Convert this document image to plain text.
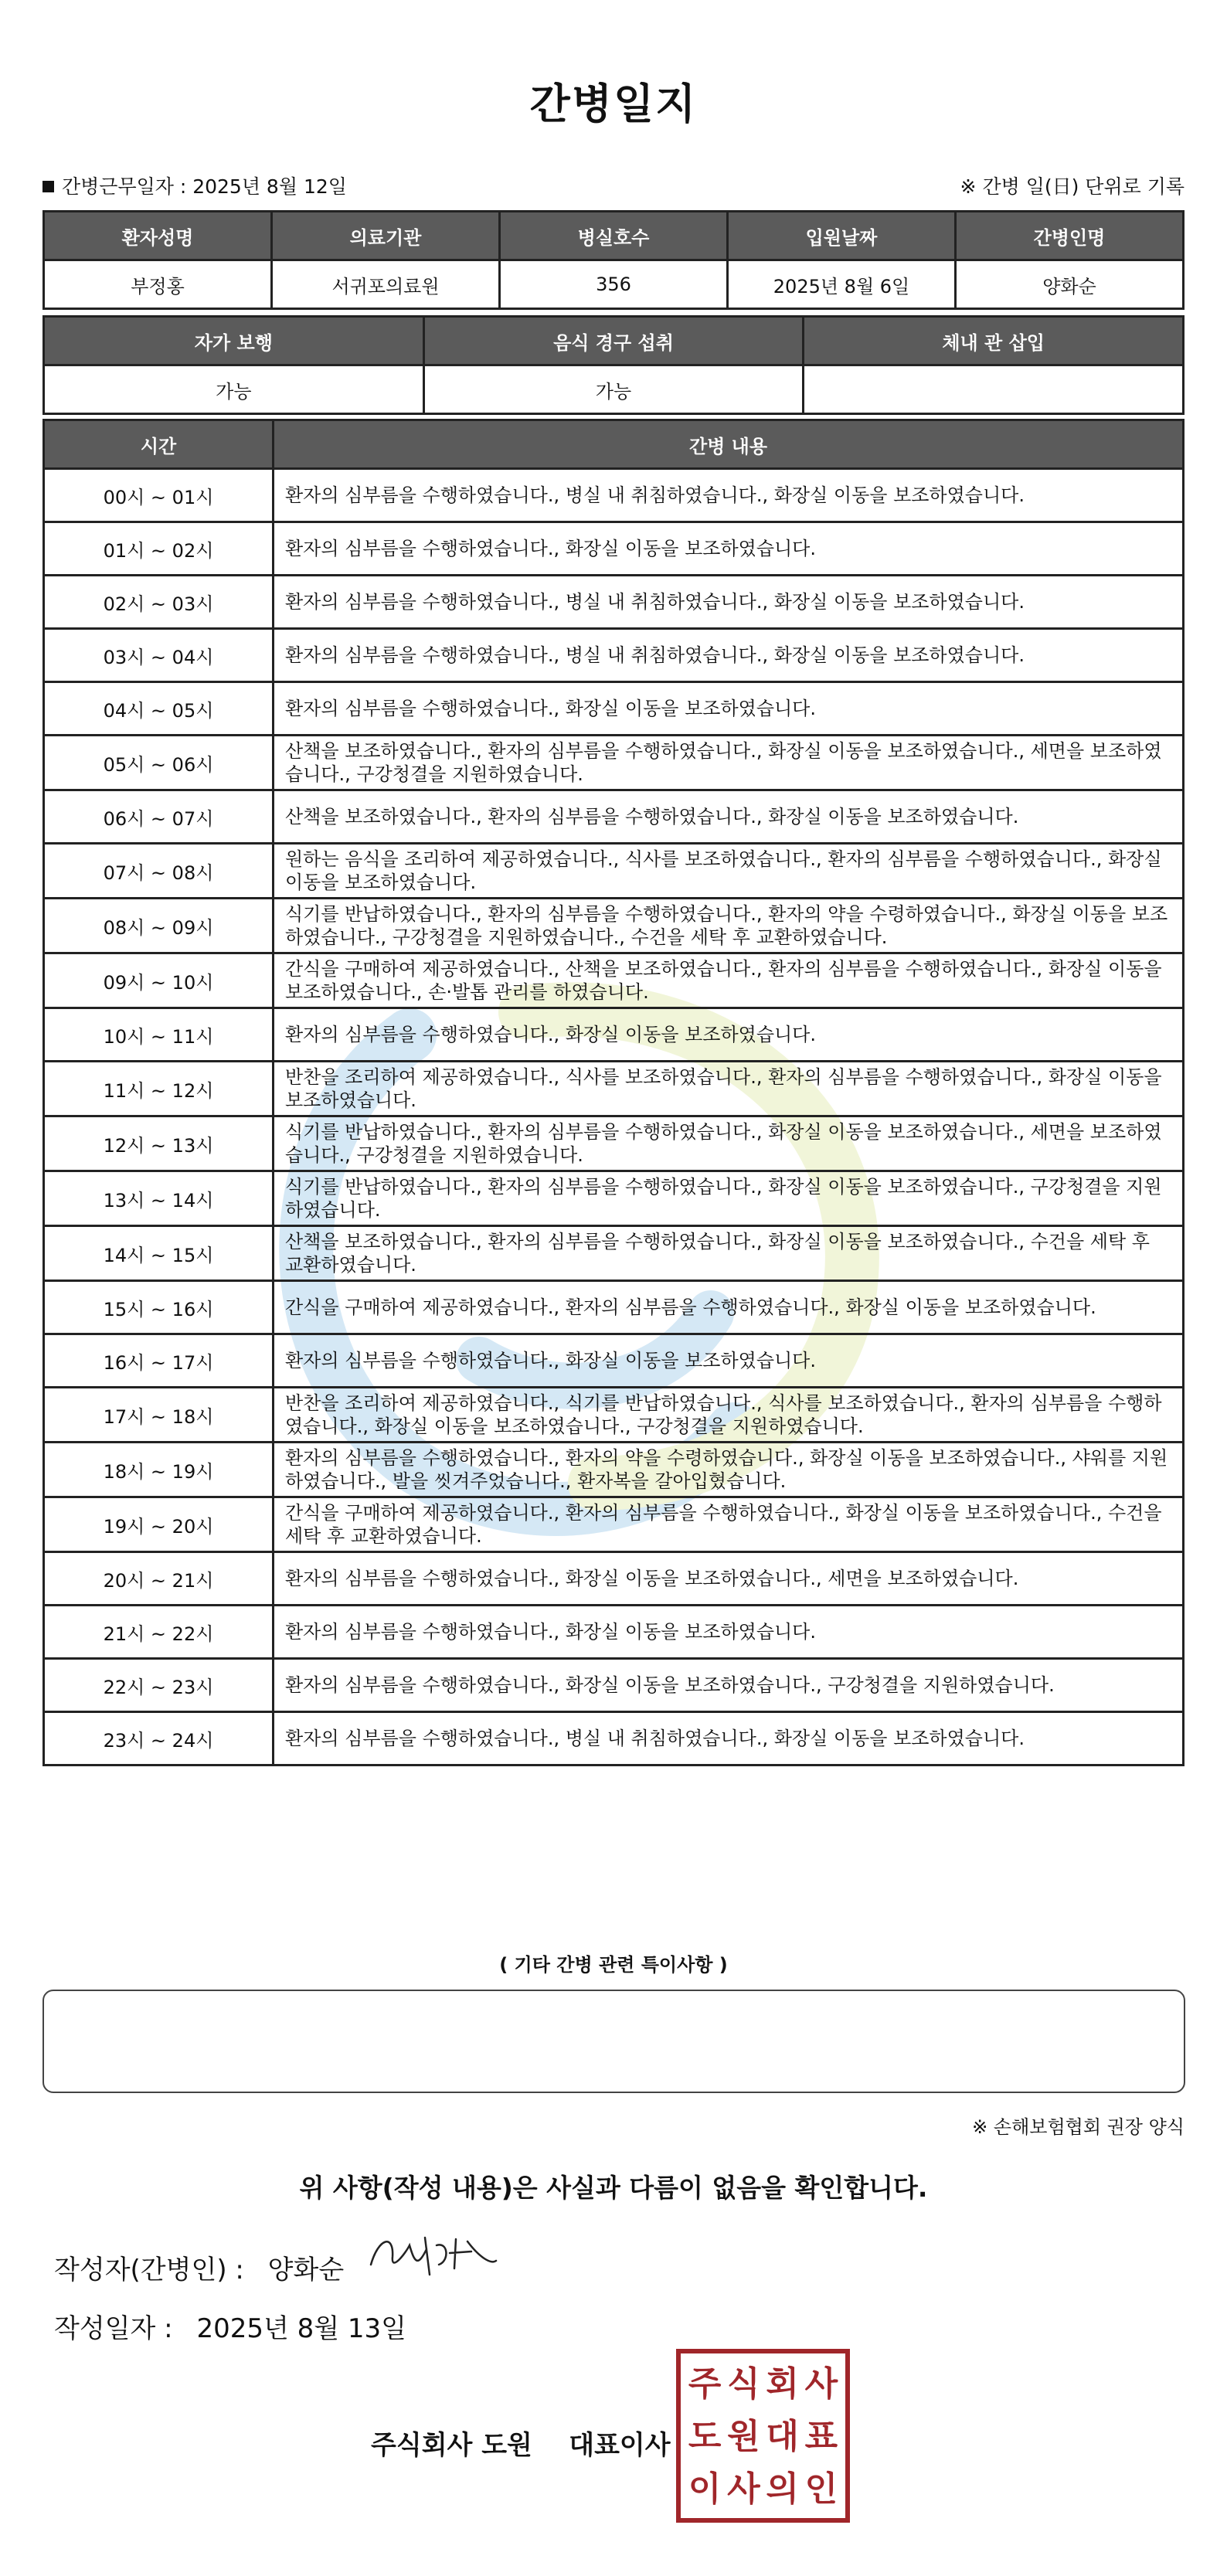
간병일지
간병근무일자 : 2025년 8월 12일	※ 간병 일(日) 단위로 기록
환자성명	의료기관	병실호수	입원날짜	간병인명
부정홍	서귀포의료원	356	2025년 8월 6일	양화순
자가 보행	음식 경구 섭취	체내 관 삽입
가능	가능	
시간	간병 내용
00시 ~ 01시	환자의 심부름을 수행하였습니다., 병실 내 취침하였습니다., 화장실 이동을 보조하였습니다.
01시 ~ 02시	환자의 심부름을 수행하였습니다., 화장실 이동을 보조하였습니다.
02시 ~ 03시	환자의 심부름을 수행하였습니다., 병실 내 취침하였습니다., 화장실 이동을 보조하였습니다.
03시 ~ 04시	환자의 심부름을 수행하였습니다., 병실 내 취침하였습니다., 화장실 이동을 보조하였습니다.
04시 ~ 05시	환자의 심부름을 수행하였습니다., 화장실 이동을 보조하였습니다.
05시 ~ 06시	산책을 보조하였습니다., 환자의 심부름을 수행하였습니다., 화장실 이동을 보조하였습니다., 세면을 보조하였습니다., 구강청결을 지원하였습니다.
06시 ~ 07시	산책을 보조하였습니다., 환자의 심부름을 수행하였습니다., 화장실 이동을 보조하였습니다.
07시 ~ 08시	원하는 음식을 조리하여 제공하였습니다., 식사를 보조하였습니다., 환자의 심부름을 수행하였습니다., 화장실 이동을 보조하였습니다.
08시 ~ 09시	식기를 반납하였습니다., 환자의 심부름을 수행하였습니다., 환자의 약을 수령하였습니다., 화장실 이동을 보조하였습니다., 구강청결을 지원하였습니다., 수건을 세탁 후 교환하였습니다.
09시 ~ 10시	간식을 구매하여 제공하였습니다., 산책을 보조하였습니다., 환자의 심부름을 수행하였습니다., 화장실 이동을 보조하였습니다., 손·발톱 관리를 하였습니다.
10시 ~ 11시	환자의 심부름을 수행하였습니다., 화장실 이동을 보조하였습니다.
11시 ~ 12시	반찬을 조리하여 제공하였습니다., 식사를 보조하였습니다., 환자의 심부름을 수행하였습니다., 화장실 이동을 보조하였습니다.
12시 ~ 13시	식기를 반납하였습니다., 환자의 심부름을 수행하였습니다., 화장실 이동을 보조하였습니다., 세면을 보조하였습니다., 구강청결을 지원하였습니다.
13시 ~ 14시	식기를 반납하였습니다., 환자의 심부름을 수행하였습니다., 화장실 이동을 보조하였습니다., 구강청결을 지원하였습니다.
14시 ~ 15시	산책을 보조하였습니다., 환자의 심부름을 수행하였습니다., 화장실 이동을 보조하였습니다., 수건을 세탁 후 교환하였습니다.
15시 ~ 16시	간식을 구매하여 제공하였습니다., 환자의 심부름을 수행하였습니다., 화장실 이동을 보조하였습니다.
16시 ~ 17시	환자의 심부름을 수행하였습니다., 화장실 이동을 보조하였습니다.
17시 ~ 18시	반찬을 조리하여 제공하였습니다., 식기를 반납하였습니다., 식사를 보조하였습니다., 환자의 심부름을 수행하였습니다., 화장실 이동을 보조하였습니다., 구강청결을 지원하였습니다.
18시 ~ 19시	환자의 심부름을 수행하였습니다., 환자의 약을 수령하였습니다., 화장실 이동을 보조하였습니다., 샤워를 지원하였습니다., 발을 씻겨주었습니다., 환자복을 갈아입혔습니다.
19시 ~ 20시	간식을 구매하여 제공하였습니다., 환자의 심부름을 수행하였습니다., 화장실 이동을 보조하였습니다., 수건을 세탁 후 교환하였습니다.
20시 ~ 21시	환자의 심부름을 수행하였습니다., 화장실 이동을 보조하였습니다., 세면을 보조하였습니다.
21시 ~ 22시	환자의 심부름을 수행하였습니다., 화장실 이동을 보조하였습니다.
22시 ~ 23시	환자의 심부름을 수행하였습니다., 화장실 이동을 보조하였습니다., 구강청결을 지원하였습니다.
23시 ~ 24시	환자의 심부름을 수행하였습니다., 병실 내 취침하였습니다., 화장실 이동을 보조하였습니다.
( 기타 간병 관련 특이사항 )
※ 손해보험협회 권장 양식
위 사항(작성 내용)은 사실과 다름이 없음을 확인합니다.
작성자(간병인) : 양화순
작성일자 : 2025년 8월 13일
주식회사 도원    대표이사
주 식 회 사
도 원 대 표
이 사 의 인
